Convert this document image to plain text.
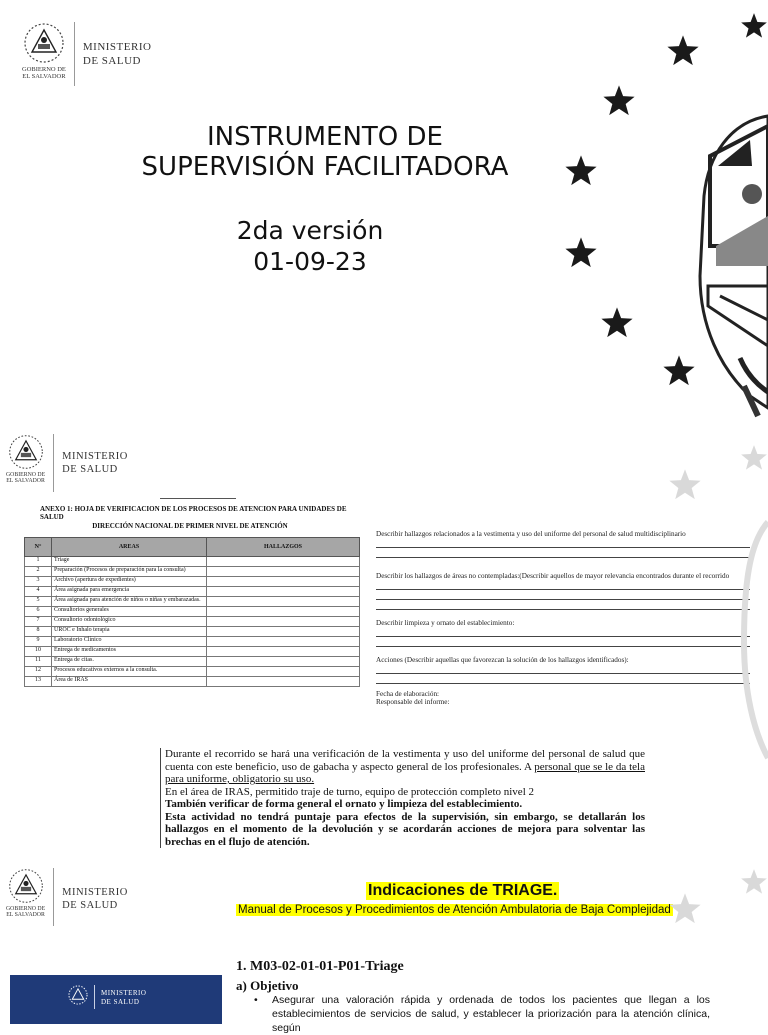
GOBIERNO DE
EL SALVADOR
MINISTERIO
DE SALUD
INSTRUMENTO DE
SUPERVISIÓN FACILITADORA
2da versión
01-09-23
GOBIERNO DE
EL SALVADOR
MINISTERIO
DE SALUD
ANEXO 1: HOJA DE VERIFICACION DE LOS PROCESOS DE ATENCION PARA UNIDADES DE SALUD
DIRECCIÓN NACIONAL DE PRIMER NIVEL DE ATENCIÓN
N°	AREAS	HALLAZGOS
1	Triage	
2	Preparación (Procesos de preparación para la consulta)	
3	Archivo (apertura de expedientes)	
4	Área asignada para emergencia	
5	Área asignada para atención de niños o niñas y embarazadas.	
6	Consultorios generales	
7	Consultorio odontológico	
8	UROC e Inhalo terapia	
9	Laboratorio Clínico	
10	Entrega de medicamentos	
11	Entrega de citas.	
12	Procesos educativos externos a la consulta.	
13	Área de IRAS	
Describir hallazgos relacionados a la vestimenta y uso del uniforme del personal de salud multidisciplinario
Describir los hallazgos de áreas no contempladas:(Describir aquellos de mayor relevancia encontrados durante el recorrido
Describir limpieza y ornato del establecimiento:
Acciones (Describir aquellas que favorezcan la solución de los hallazgos identificados):
Fecha de elaboración:
Responsable del informe:
Durante el recorrido se hará una verificación de la vestimenta y uso del uniforme del personal de salud que cuenta con este beneficio, uso de gabacha y aspecto general de los profesionales. A personal que se le da tela para uniforme, obligatorio su uso.
En el área de IRAS, permitido traje de turno, equipo de protección completo nivel 2
También verificar de forma general el ornato y limpieza del establecimiento.
Esta actividad no tendrá puntaje para efectos de la supervisión, sin embargo, se detallarán los hallazgos en el momento de la devolución y se acordarán acciones de mejora para solventar las brechas en el flujo de atención.
GOBIERNO DE
EL SALVADOR
MINISTERIO
DE SALUD
Indicaciones de TRIAGE.
Manual de Procesos y Procedimientos de Atención Ambulatoria de Baja Complejidad
MINISTERIO
DE SALUD
1. M03-02-01-01-P01-Triage
a) Objetivo
•	Asegurar una valoración rápida y ordenada de todos los pacientes que llegan a los establecimientos de servicios de salud, y establecer la priorización para la atención clínica, según
